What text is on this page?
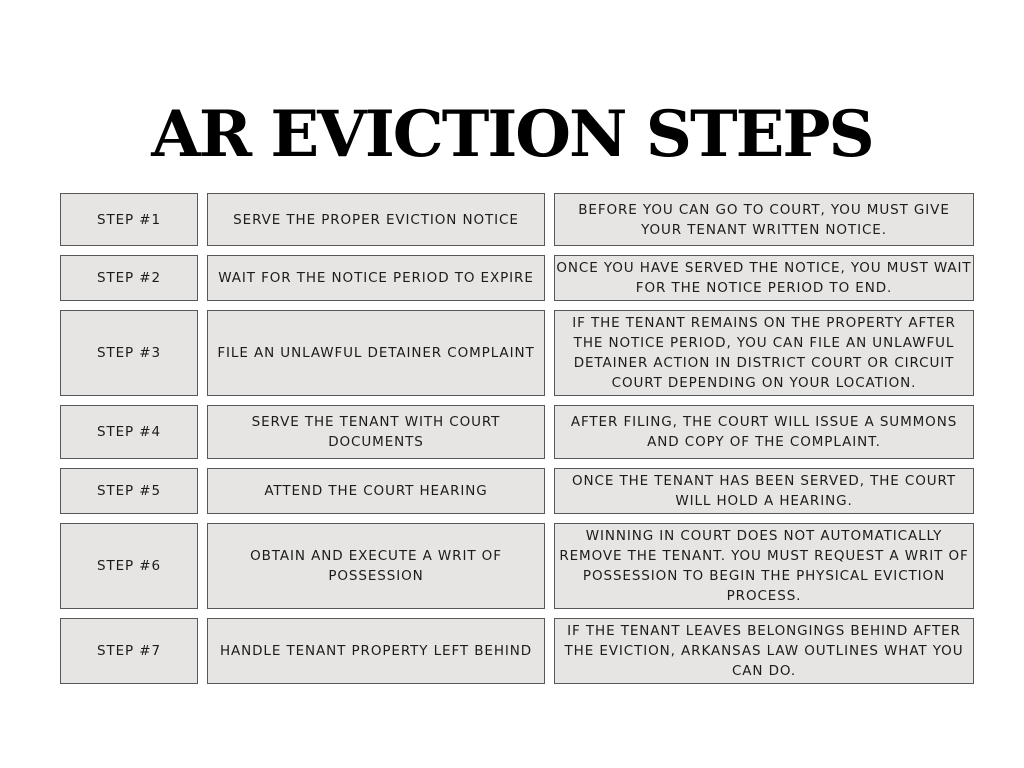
AR EVICTION STEPS
STEP #1	SERVE THE PROPER EVICTION NOTICE
BEFORE YOU CAN GO TO COURT, YOU MUST GIVE YOUR TENANT WRITTEN NOTICE.
STEP #2	WAIT FOR THE NOTICE PERIOD TO EXPIRE
ONCE YOU HAVE SERVED THE NOTICE, YOU MUST WAIT FOR THE NOTICE PERIOD TO END.
STEP #3	FILE AN UNLAWFUL DETAINER COMPLAINT
IF THE TENANT REMAINS ON THE PROPERTY AFTER THE NOTICE PERIOD, YOU CAN FILE AN UNLAWFUL DETAINER ACTION IN DISTRICT COURT OR CIRCUIT COURT DEPENDING ON YOUR LOCATION.
STEP #4
SERVE THE TENANT WITH COURT DOCUMENTS
AFTER FILING, THE COURT WILL ISSUE A SUMMONS AND COPY OF THE COMPLAINT.
STEP #5	ATTEND THE COURT HEARING
ONCE THE TENANT HAS BEEN SERVED, THE COURT WILL HOLD A HEARING.
STEP #6
OBTAIN AND EXECUTE A WRIT OF POSSESSION
WINNING IN COURT DOES NOT AUTOMATICALLY REMOVE THE TENANT. YOU MUST REQUEST A WRIT OF POSSESSION TO BEGIN THE PHYSICAL EVICTION PROCESS.
STEP #7	HANDLE TENANT PROPERTY LEFT BEHIND
IF THE TENANT LEAVES BELONGINGS BEHIND AFTER THE EVICTION, ARKANSAS LAW OUTLINES WHAT YOU CAN DO.
